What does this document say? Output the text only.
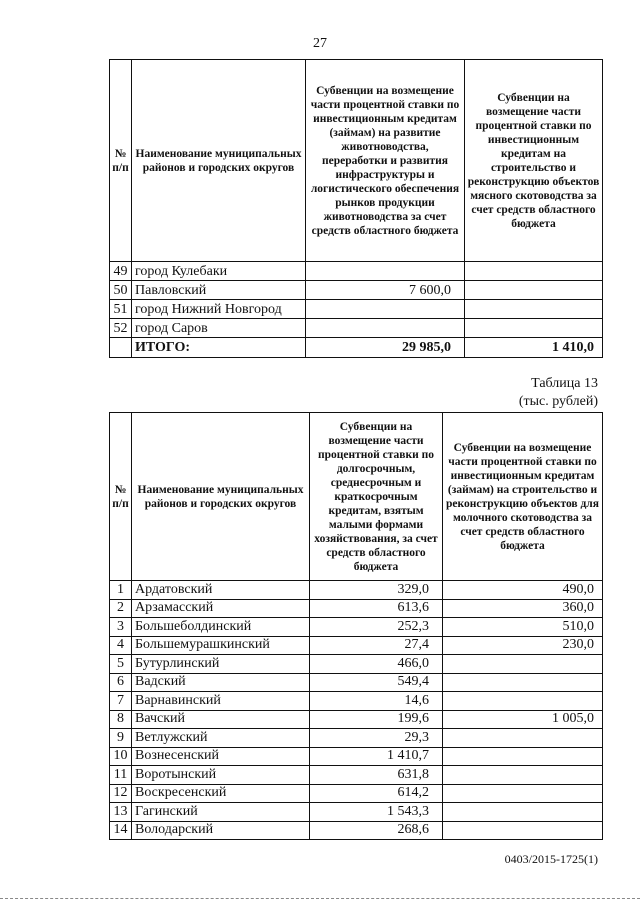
27
№ п/п	Наименование муниципальных районов и городских округов	Субвенции на возмещение части процентной ставки по инвестиционным кредитам (займам) на развитие животноводства, переработки и развития инфраструктуры и логистического обеспечения рынков продукции животноводства за счет средств областного бюджета	Субвенции на возмещение части процентной ставки по инвестиционным кредитам на строительство и реконструкцию объектов мясного скотоводства за счет средств областного бюджета
49	город Кулебаки		
50	Павловский	7 600,0	
51	город Нижний Новгород		
52	город Саров		
	ИТОГО:	29 985,0	1 410,0
Таблица 13
(тыс. рублей)
№ п/п	Наименование муниципальных районов и городских округов	Субвенции на возмещение части процентной ставки по долгосрочным, среднесрочным и краткосрочным кредитам, взятым малыми формами хозяйствования, за счет средств областного бюджета	Субвенции на возмещение части процентной ставки по инвестиционным кредитам (займам) на строительство и реконструкцию объектов для молочного скотоводства за счет средств областного бюджета
1	Ардатовский	329,0	490,0
2	Арзамасский	613,6	360,0
3	Большеболдинский	252,3	510,0
4	Большемурашкинский	27,4	230,0
5	Бутурлинский	466,0	
6	Вадский	549,4	
7	Варнавинский	14,6	
8	Вачский	199,6	1 005,0
9	Ветлужский	29,3	
10	Вознесенский	1 410,7	
11	Воротынский	631,8	
12	Воскресенский	614,2	
13	Гагинский	1 543,3	
14	Володарский	268,6	
0403/2015-1725(1)
